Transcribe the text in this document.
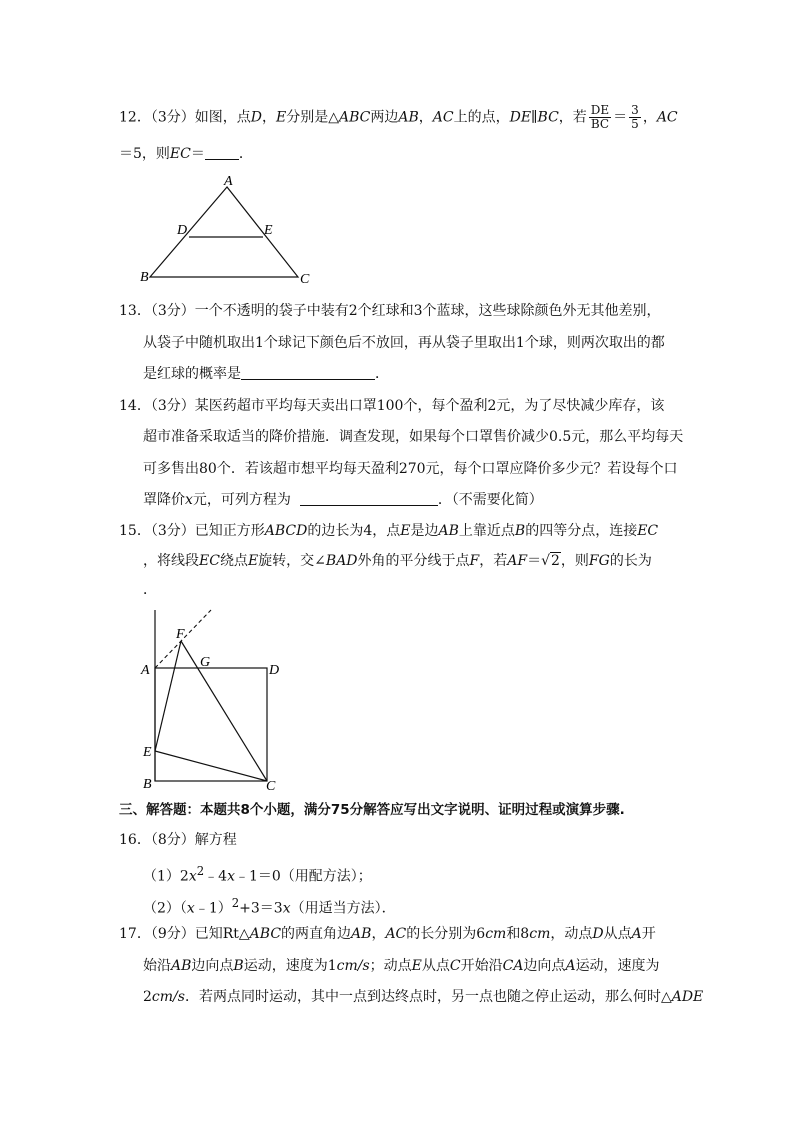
12．（3分）如图，点D，E分别是△ABC两边AB，AC上的点，DE∥BC，若 $\frac{DE}{BC} = \frac{3}{5}$ ，AC
＝5，则EC＝ ．
A
B	C
D	E
13．（3分）一个不透明的袋子中装有2个红球和3个蓝球，这些球除颜色外无其他差别，
从袋子中随机取出1个球记下颜色后不放回，再从袋子里取出1个球，则两次取出的都
是红球的概率是	．
14．（3分）某医药超市平均每天卖出口罩100个，每个盈利2元，为了尽快减少库存，该
超市准备采取适当的降价措施．调查发现，如果每个口罩售价减少0.5元，那么平均每天
可多售出80个．若该超市想平均每天盈利270元，每个口罩应降价多少元？若设每个口
罩降价x元，可列方程为	．（不需要化简）
15．（3分）已知正方形ABCD的边长为4，点E是边AB上靠近点B的四等分点，连接EC
，将线段EC绕点E旋转，交∠BAD外角的平分线于点F，若AF＝√2，则FG的长为
．
F
G
A	D
E
B	C
三、解答题：本题共8个小题，满分75分解答应写出文字说明、证明过程或演算步骤.
16．（8分）解方程
$(1)2x^2﹣4x﹣1=0$（用配方法）；
（2）（x﹣1）$^2$+3＝3x（用适当方法）．
17．（9分）已知Rt△ABC的两直角边AB，AC的长分别为6cm和8cm，动点D从点A开
始沿AB边向点B运动，速度为1cm/s；动点E从点C开始沿CA边向点A运动，速度为
2cm/s．若两点同时运动，其中一点到达终点时，另一点也随之停止运动，那么何时△ADE
